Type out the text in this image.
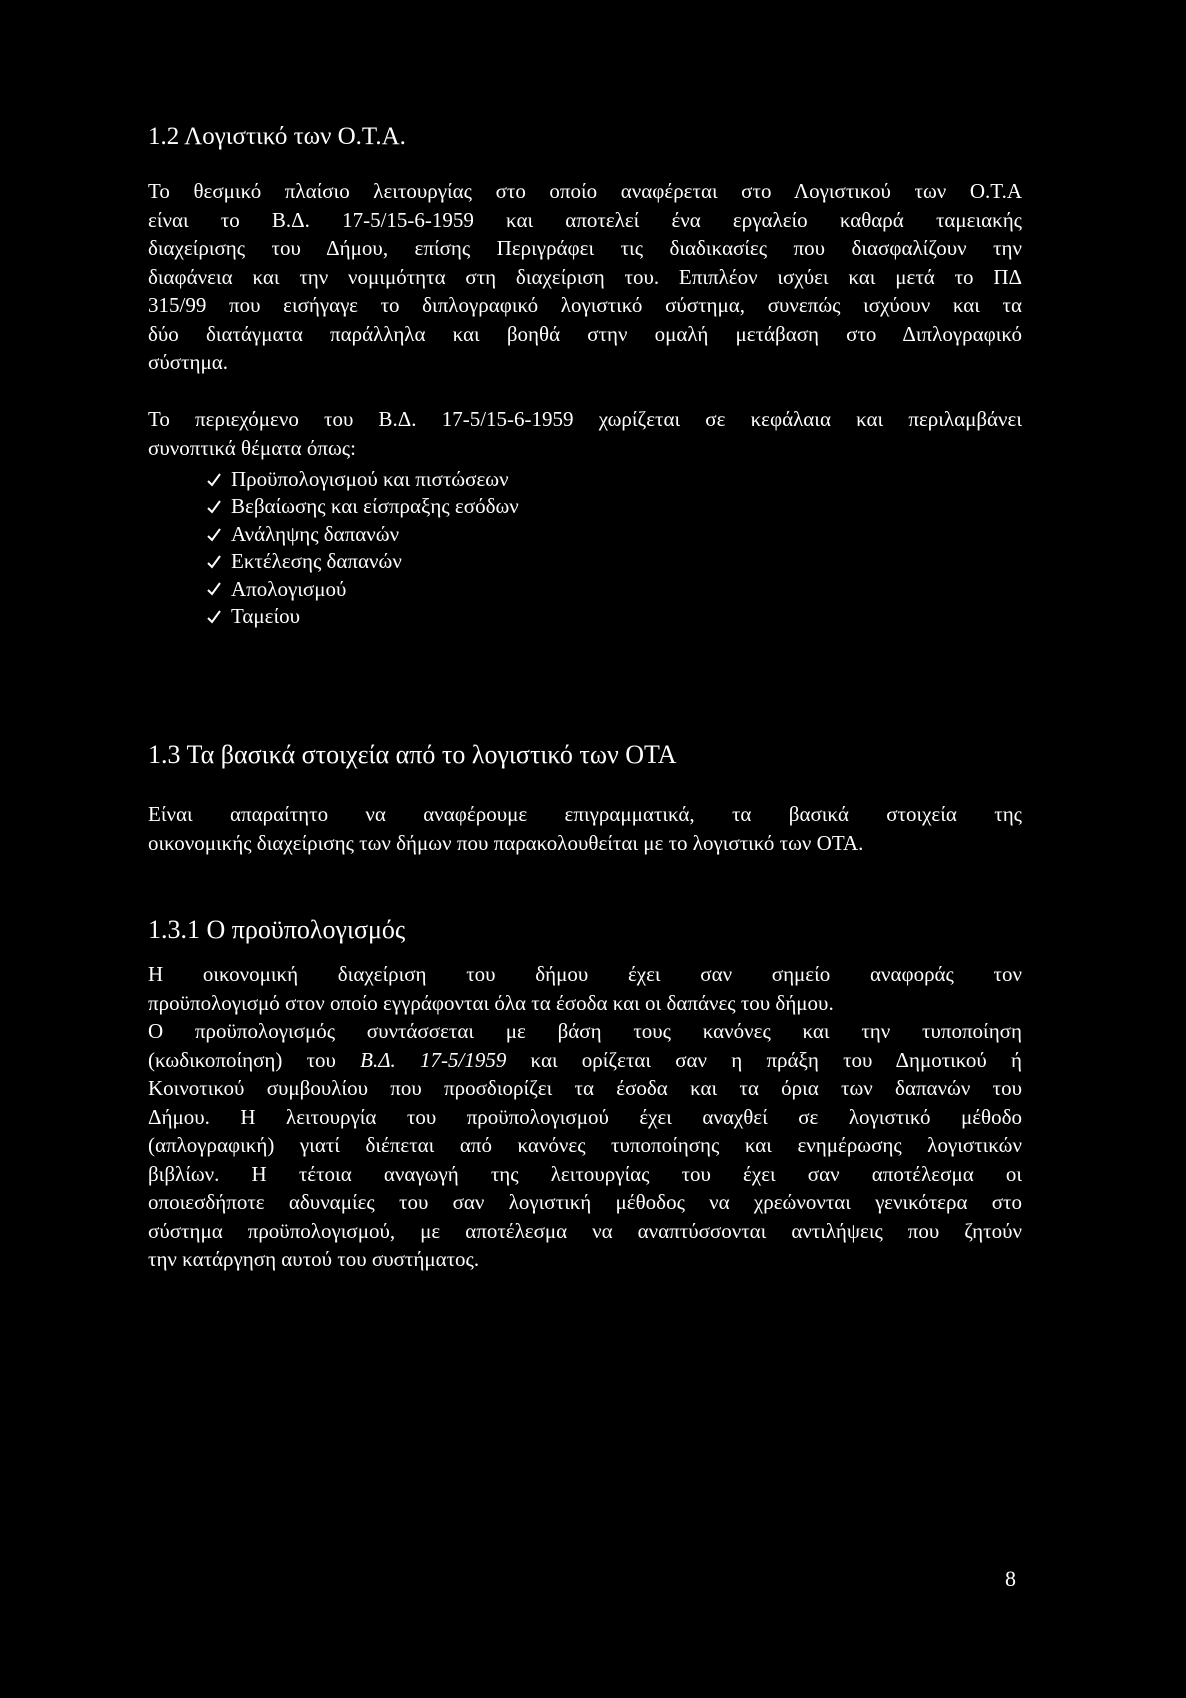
1.2 Λογιστικό των Ο.Τ.Α.
Το θεσμικό πλαίσιο λειτουργίας στο οποίο αναφέρεται στο Λογιστικού των Ο.Τ.Α
είναι το Β.Δ. 17-5/15-6-1959 και αποτελεί ένα εργαλείο καθαρά ταμειακής
διαχείρισης του Δήμου, επίσης Περιγράφει τις διαδικασίες που διασφαλίζουν την
διαφάνεια και την νομιμότητα στη διαχείριση του. Επιπλέον ισχύει και μετά το ΠΔ
315/99 που εισήγαγε το διπλογραφικό λογιστικό σύστημα, συνεπώς ισχύουν και τα
δύο διατάγματα παράλληλα και βοηθά στην ομαλή μετάβαση στο Διπλογραφικό
σύστημα.
Το περιεχόμενο του Β.Δ. 17-5/15-6-1959 χωρίζεται σε κεφάλαια και περιλαμβάνει
συνοπτικά θέματα όπως:
Προϋπολογισμού και πιστώσεων
Βεβαίωσης και είσπραξης εσόδων
Ανάληψης δαπανών
Εκτέλεσης δαπανών
Απολογισμού
Ταμείου
1.3 Τα βασικά στοιχεία από το λογιστικό των ΟΤΑ
Είναι απαραίτητο να αναφέρουμε επιγραμματικά, τα βασικά στοιχεία της
οικονομικής διαχείρισης των δήμων που παρακολουθείται με το λογιστικό των ΟΤΑ.
1.3.1 Ο προϋπολογισμός
Η οικονομική διαχείριση του δήμου έχει σαν σημείο αναφοράς τον
προϋπολογισμό στον οποίο εγγράφονται όλα τα έσοδα και οι δαπάνες του δήμου.
Ο προϋπολογισμός συντάσσεται με βάση τους κανόνες και την τυποποίηση
(κωδικοποίηση) του Β.Δ. 17-5/1959 και ορίζεται σαν η πράξη του Δημοτικού ή
Κοινοτικού συμβουλίου που προσδιορίζει τα έσοδα και τα όρια των δαπανών του
Δήμου. Η λειτουργία του προϋπολογισμού έχει αναχθεί σε λογιστικό μέθοδο
(απλογραφική) γιατί διέπεται από κανόνες τυποποίησης και ενημέρωσης λογιστικών
βιβλίων. Η τέτοια αναγωγή της λειτουργίας του έχει σαν αποτέλεσμα οι
οποιεσδήποτε αδυναμίες του σαν λογιστική μέθοδος να χρεώνονται γενικότερα στο
σύστημα προϋπολογισμού, με αποτέλεσμα να αναπτύσσονται αντιλήψεις που ζητούν
την κατάργηση αυτού του συστήματος.
8
